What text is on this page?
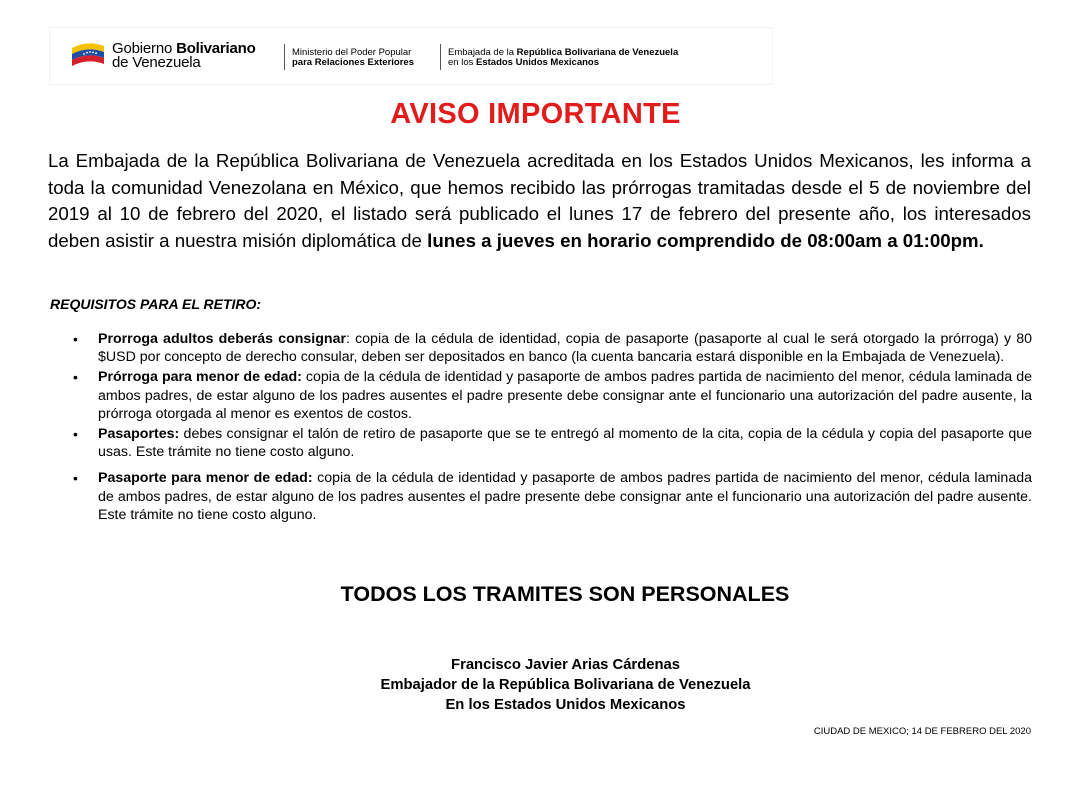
Gobierno Bolivariano
de Venezuela
Ministerio del Poder Popular
para Relaciones Exteriores
Embajada de la República Bolivariana de Venezuela
en los Estados Unidos Mexicanos
AVISO IMPORTANTE
La Embajada de la República Bolivariana de Venezuela acreditada en los Estados Unidos Mexicanos, les informa a toda la comunidad Venezolana en México, que hemos recibido las prórrogas tramitadas desde el 5 de noviembre del 2019 al 10 de febrero del 2020, el listado será publicado el lunes 17 de febrero del presente año, los interesados deben asistir a nuestra misión diplomática de lunes a jueves en horario comprendido de 08:00am a 01:00pm.
REQUISITOS PARA EL RETIRO:
• Prorroga adultos deberás consignar: copia de la cédula de identidad, copia de pasaporte (pasaporte al cual le será otorgado la prórroga) y 80 $USD por concepto de derecho consular, deben ser depositados en banco (la cuenta bancaria estará disponible en la Embajada de Venezuela).
• Prórroga para menor de edad: copia de la cédula de identidad y pasaporte de ambos padres partida de nacimiento del menor, cédula laminada de ambos padres, de estar alguno de los padres ausentes el padre presente debe consignar ante el funcionario una autorización del padre ausente, la prórroga otorgada al menor es exentos de costos.
• Pasaportes: debes consignar el talón de retiro de pasaporte que se te entregó al momento de la cita, copia de la cédula y copia del pasaporte que usas. Este trámite no tiene costo alguno.
• Pasaporte para menor de edad: copia de la cédula de identidad y pasaporte de ambos padres partida de nacimiento del menor, cédula laminada de ambos padres, de estar alguno de los padres ausentes el padre presente debe consignar ante el funcionario una autorización del padre ausente. Este trámite no tiene costo alguno.
TODOS LOS TRAMITES SON PERSONALES
Francisco Javier Arias Cárdenas
Embajador de la República Bolivariana de Venezuela
En los Estados Unidos Mexicanos
CIUDAD DE MEXICO; 14 DE FEBRERO DEL 2020
